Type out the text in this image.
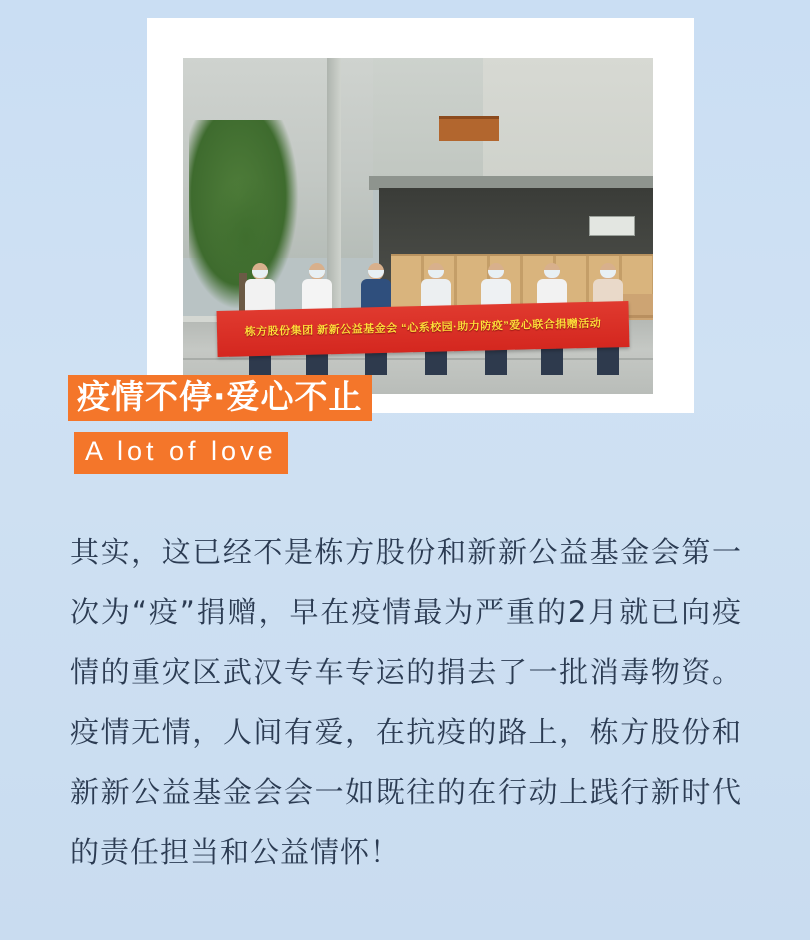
栋方股份集团 新新公益基金会 “心系校园·助力防疫”爱心联合捐赠活动
疫情不停·爱心不止
A lot of love
其实，这已经不是栋方股份和新新公益基金会第一次为“疫”捐赠，早在疫情最为严重的2月就已向疫情的重灾区武汉专车专运的捐去了一批消毒物资。疫情无情，人间有爱，在抗疫的路上，栋方股份和新新公益基金会会一如既往的在行动上践行新时代的责任担当和公益情怀！
